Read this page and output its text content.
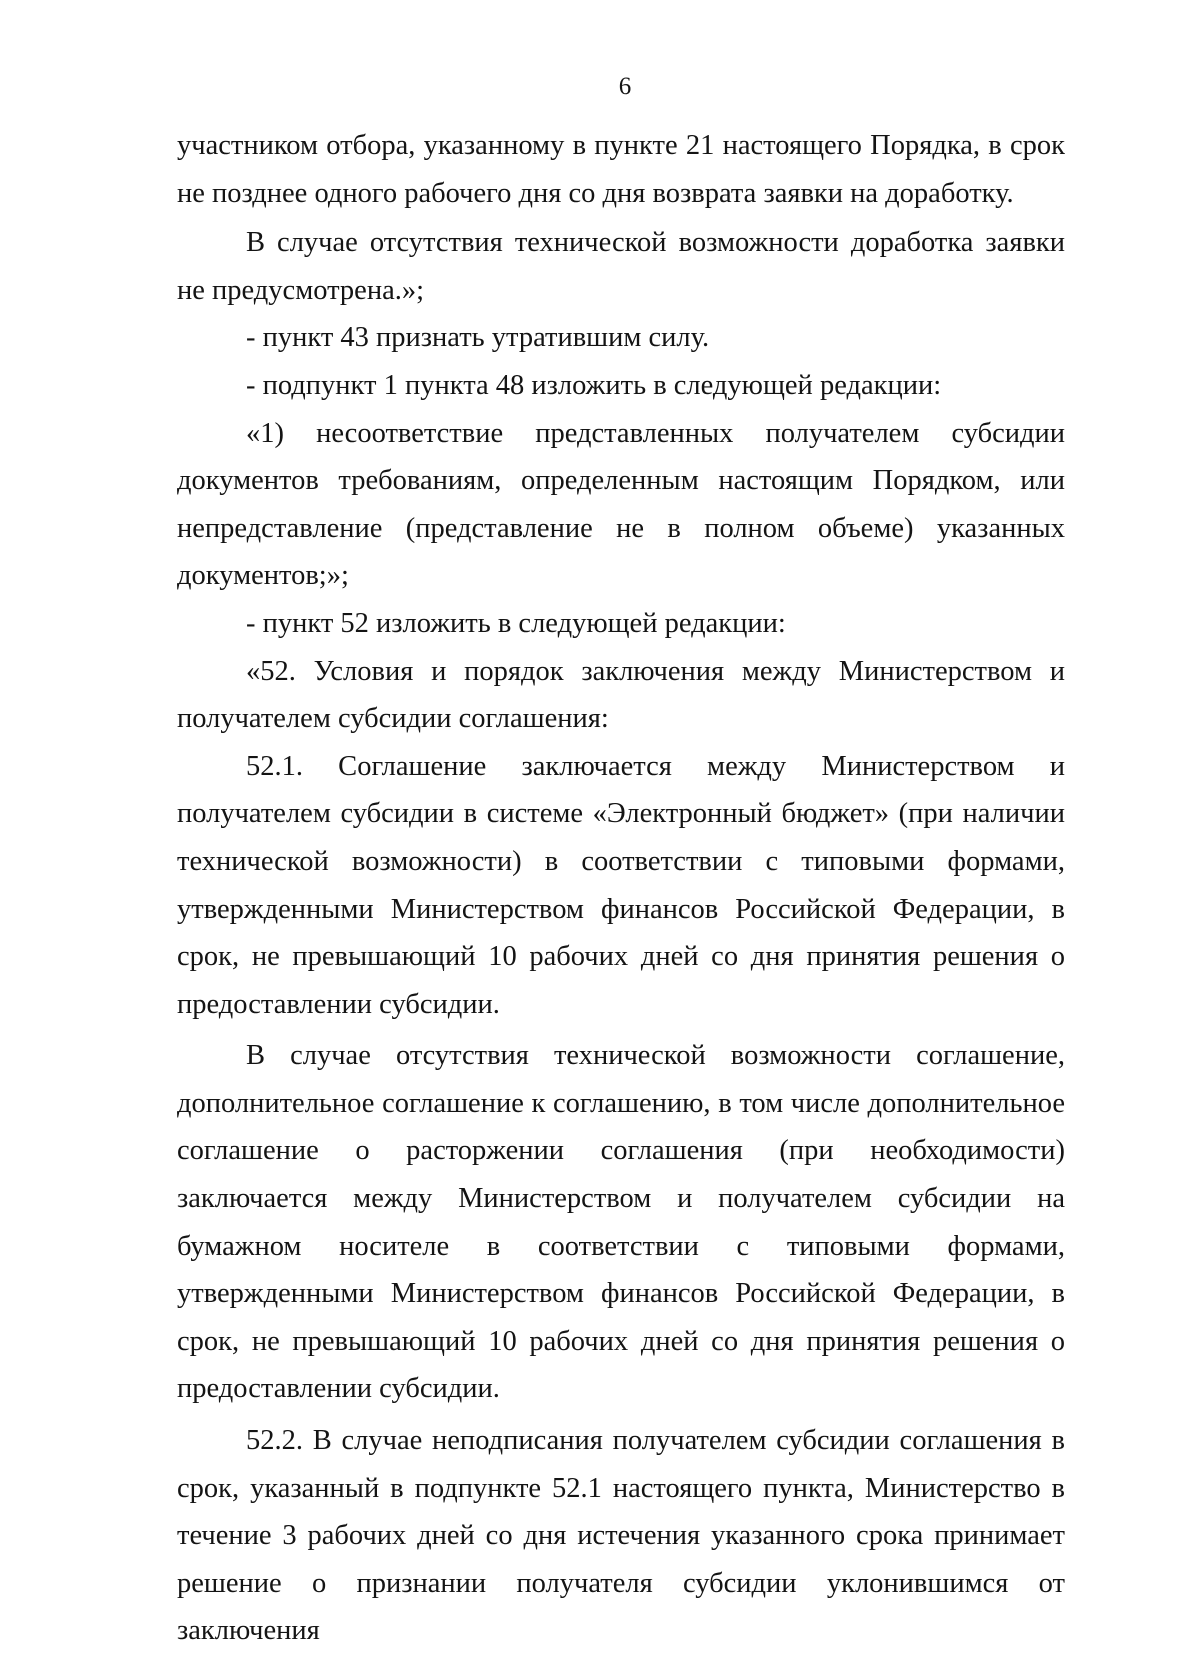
6

участником отбора, указанному в пункте 21 настоящего Порядка, в срок не позднее одного рабочего дня со дня возврата заявки на доработку.

В случае отсутствия технической возможности доработка заявки не предусмотрена.»;

- пункт 43 признать утратившим силу.

- подпункт 1 пункта 48 изложить в следующей редакции:

«1) несоответствие представленных получателем субсидии документов требованиям, определенным настоящим Порядком, или непредставление (представление не в полном объеме) указанных документов;»;

- пункт 52 изложить в следующей редакции:

«52. Условия и порядок заключения между Министерством и получателем субсидии соглашения:

52.1. Соглашение заключается между Министерством и получателем субсидии в системе «Электронный бюджет» (при наличии технической возможности) в соответствии с типовыми формами, утвержденными Министерством финансов Российской Федерации, в срок, не превышающий 10 рабочих дней со дня принятия решения о предоставлении субсидии.

В случае отсутствия технической возможности соглашение, дополнительное соглашение к соглашению, в том числе дополнительное соглашение о расторжении соглашения (при необходимости) заключается между Министерством и получателем субсидии на бумажном носителе в соответствии с типовыми формами, утвержденными Министерством финансов Российской Федерации, в срок, не превышающий 10 рабочих дней со дня принятия решения о предоставлении субсидии.

52.2. В случае неподписания получателем субсидии соглашения в срок, указанный в подпункте 52.1 настоящего пункта, Министерство в течение 3 рабочих дней со дня истечения указанного срока принимает решение о признании получателя субсидии уклонившимся от заключения
